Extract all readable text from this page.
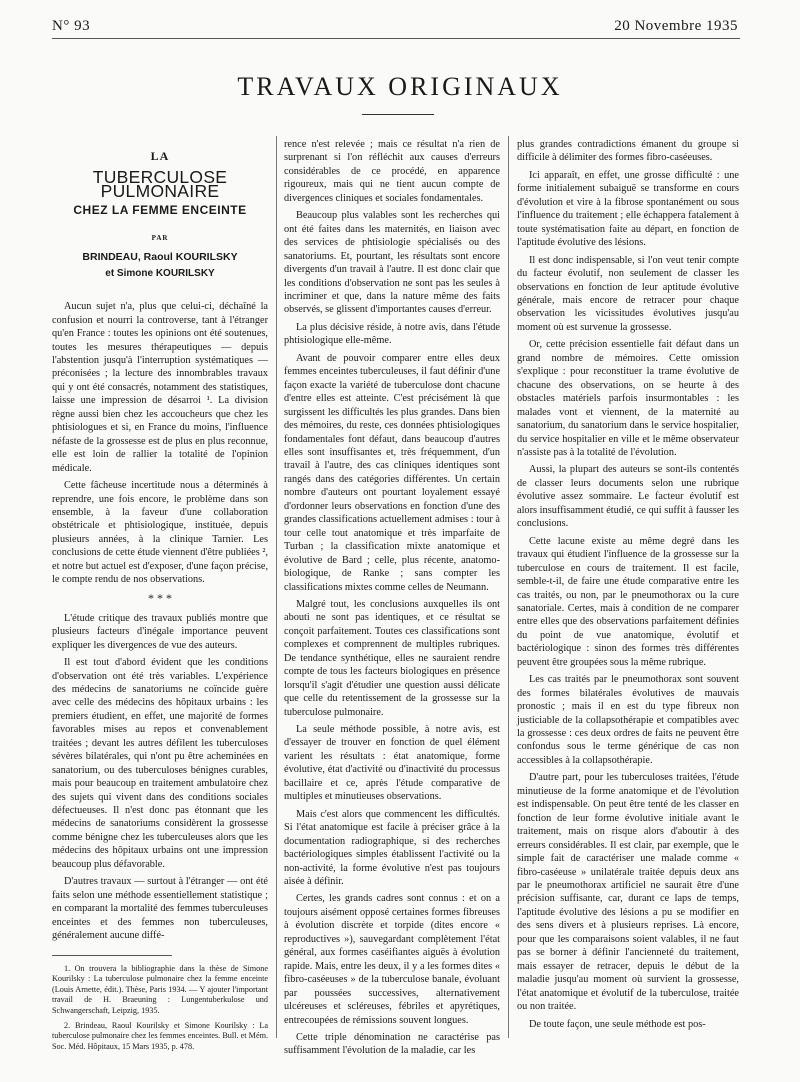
N° 93	20 Novembre 1935
TRAVAUX ORIGINAUX
LA
TUBERCULOSE PULMONAIRE
CHEZ LA FEMME ENCEINTE
PAR
BRINDEAU, Raoul KOURILSKY
et Simone KOURILSKY

Aucun sujet n'a, plus que celui-ci, déchaîné la confusion et nourri la controverse, tant à l'étranger qu'en France : toutes les opinions ont été soutenues, toutes les mesures thérapeutiques — depuis l'abstention jusqu'à l'interruption systématiques — préconisées ; la lecture des innombrables travaux qui y ont été consacrés, notamment des statistiques, laisse une impression de désarroi ¹. La division règne aussi bien chez les accoucheurs que chez les phtisiologues et si, en France du moins, l'influence néfaste de la grossesse est de plus en plus reconnue, elle est loin de rallier la totalité de l'opinion médicale.

Cette fâcheuse incertitude nous a déterminés à reprendre, une fois encore, le problème dans son ensemble, à la faveur d'une collaboration obstétricale et phtisiologique, instituée, depuis plusieurs années, à la clinique Tarnier. Les conclusions de cette étude viennent d'être publiées ², et notre but actuel est d'exposer, d'une façon précise, le compte rendu de nos observations.

* * *

L'étude critique des travaux publiés montre que plusieurs facteurs d'inégale importance peuvent expliquer les divergences de vue des auteurs.

Il est tout d'abord évident que les conditions d'observation ont été très variables. L'expérience des médecins de sanatoriums ne coïncide guère avec celle des médecins des hôpitaux urbains : les premiers étudient, en effet, une majorité de formes favorables mises au repos et convenablement traitées ; devant les autres défilent les tuberculoses sévères bilatérales, qui n'ont pu être acheminées en sanatorium, ou des tuberculoses bénignes curables, mais pour beaucoup en traitement ambulatoire chez des sujets qui vivent dans des conditions sociales défectueuses. Il n'est donc pas étonnant que les médecins de sanatoriums considèrent la grossesse comme bénigne chez les tuberculeuses alors que les médecins des hôpitaux urbains ont une impression beaucoup plus défavorable.

D'autres travaux — surtout à l'étranger — ont été faits selon une méthode essentiellement statistique ; en comparant la mortalité des femmes tuberculeuses enceintes et des femmes non tuberculeuses, généralement aucune diffé-

1. On trouvera la bibliographie dans la thèse de Simone Kourilsky : La tuberculose pulmonaire chez la femme enceinte (Louis Arnette, édit.). Thèse, Paris 1934. — Y ajouter l'important travail de H. Braeuning : Lungentuberkulose und Schwangerschaft, Leipzig, 1935.

2. Brindeau, Raoul Kourilsky et Simone Kourilsky : La tuberculose pulmonaire chez les femmes enceintes. Bull. et Mém. Soc. Méd. Hôpitaux, 15 Mars 1935, p. 478.

rence n'est relevée ; mais ce résultat n'a rien de surprenant si l'on réfléchit aux causes d'erreurs considérables de ce procédé, en apparence rigoureux, mais qui ne tient aucun compte de divergences cliniques et sociales fondamentales.

Beaucoup plus valables sont les recherches qui ont été faites dans les maternités, en liaison avec des services de phtisiologie spécialisés ou des sanatoriums. Et, pourtant, les résultats sont encore divergents d'un travail à l'autre. Il est donc clair que les conditions d'observation ne sont pas les seules à incriminer et que, dans la nature même des faits observés, se glissent d'importantes causes d'erreur.

La plus décisive réside, à notre avis, dans l'étude phtisiologique elle-même.

Avant de pouvoir comparer entre elles deux femmes enceintes tuberculeuses, il faut définir d'une façon exacte la variété de tuberculose dont chacune d'entre elles est atteinte. C'est précisément là que surgissent les difficultés les plus grandes. Dans bien des mémoires, du reste, ces données phtisiologiques fondamentales font défaut, dans beaucoup d'autres elles sont insuffisantes et, très fréquemment, d'un travail à l'autre, des cas cliniques identiques sont rangés dans des catégories différentes. Un certain nombre d'auteurs ont pourtant loyalement essayé d'ordonner leurs observations en fonction d'une des grandes classifications actuellement admises : tour à tour celle tout anatomique et très imparfaite de Turban ; la classification mixte anatomique et évolutive de Bard ; celle, plus récente, anatomo-biologique, de Ranke ; sans compter les classifications mixtes comme celles de Neumann.

Malgré tout, les conclusions auxquelles ils ont abouti ne sont pas identiques, et ce résultat se conçoit parfaitement. Toutes ces classifications sont complexes et comprennent de multiples rubriques. De tendance synthétique, elles ne sauraient rendre compte de tous les facteurs biologiques en présence lorsqu'il s'agit d'étudier une question aussi délicate que celle du retentissement de la grossesse sur la tuberculose pulmonaire.

La seule méthode possible, à notre avis, est d'essayer de trouver en fonction de quel élément varient les résultats : état anatomique, forme évolutive, état d'activité ou d'inactivité du processus bacillaire et ce, après l'étude comparative de multiples et minutieuses observations.

Mais c'est alors que commencent les difficultés. Si l'état anatomique est facile à préciser grâce à la documentation radiographique, si des recherches bactériologiques simples établissent l'activité ou la non-activité, la forme évolutive n'est pas toujours aisée à définir.

Certes, les grands cadres sont connus : et on a toujours aisément opposé certaines formes fibreuses à évolution discrète et torpide (dites encore « reproductives »), sauvegardant complètement l'état général, aux formes caséifiantes aiguës à évolution rapide. Mais, entre les deux, il y a les formes dites « fibro-caséeuses » de la tuberculose banale, évoluant par poussées successives, alternativement ulcéreuses et scléreuses, fébriles et apyrétiques, entrecoupées de rémissions souvent longues.

Cette triple dénomination ne caractérise pas suffisamment l'évolution de la maladie, car les

plus grandes contradictions émanent du groupe si difficile à délimiter des formes fibro-caséeuses.

Ici apparaît, en effet, une grosse difficulté : une forme initialement subaiguë se transforme en cours d'évolution et vire à la fibrose spontanément ou sous l'influence du traitement ; elle échappera fatalement à toute systématisation faite au départ, en fonction de l'aptitude évolutive des lésions.

Il est donc indispensable, si l'on veut tenir compte du facteur évolutif, non seulement de classer les observations en fonction de leur aptitude évolutive générale, mais encore de retracer pour chaque observation les vicissitudes évolutives jusqu'au moment où est survenue la grossesse.

Or, cette précision essentielle fait défaut dans un grand nombre de mémoires. Cette omission s'explique : pour reconstituer la trame évolutive de chacune des observations, on se heurte à des obstacles matériels parfois insurmontables : les malades vont et viennent, de la maternité au sanatorium, du sanatorium dans le service hospitalier, du service hospitalier en ville et le même observateur n'assiste pas à la totalité de l'évolution.

Aussi, la plupart des auteurs se sont-ils contentés de classer leurs documents selon une rubrique évolutive assez sommaire. Le facteur évolutif est alors insuffisamment étudié, ce qui suffit à fausser les conclusions.

Cette lacune existe au même degré dans les travaux qui étudient l'influence de la grossesse sur la tuberculose en cours de traitement. Il est facile, semble-t-il, de faire une étude comparative entre les cas traités, ou non, par le pneumothorax ou la cure sanatoriale. Certes, mais à condition de ne comparer entre elles que des observations parfaitement définies du point de vue anatomique, évolutif et bactériologique : sinon des formes très différentes peuvent être groupées sous la même rubrique.

Les cas traités par le pneumothorax sont souvent des formes bilatérales évolutives de mauvais pronostic ; mais il en est du type fibreux non justiciable de la collapsothérapie et compatibles avec la grossesse : ces deux ordres de faits ne peuvent être confondus sous le terme générique de cas non accessibles à la collapsothérapie.

D'autre part, pour les tuberculoses traitées, l'étude minutieuse de la forme anatomique et de l'évolution est indispensable. On peut être tenté de les classer en fonction de leur forme évolutive initiale avant le traitement, mais on risque alors d'aboutir à des erreurs considérables. Il est clair, par exemple, que le simple fait de caractériser une malade comme « fibro-caséeuse » unilatérale traitée depuis deux ans par le pneumothorax artificiel ne saurait être d'une précision suffisante, car, durant ce laps de temps, l'aptitude évolutive des lésions a pu se modifier en des sens divers et à plusieurs reprises. Là encore, pour que les comparaisons soient valables, il ne faut pas se borner à définir l'ancienneté du traitement, mais essayer de retracer, depuis le début de la maladie jusqu'au moment où survient la grossesse, l'état anatomique et évolutif de la tuberculose, traitée ou non traitée.

De toute façon, une seule méthode est pos-
